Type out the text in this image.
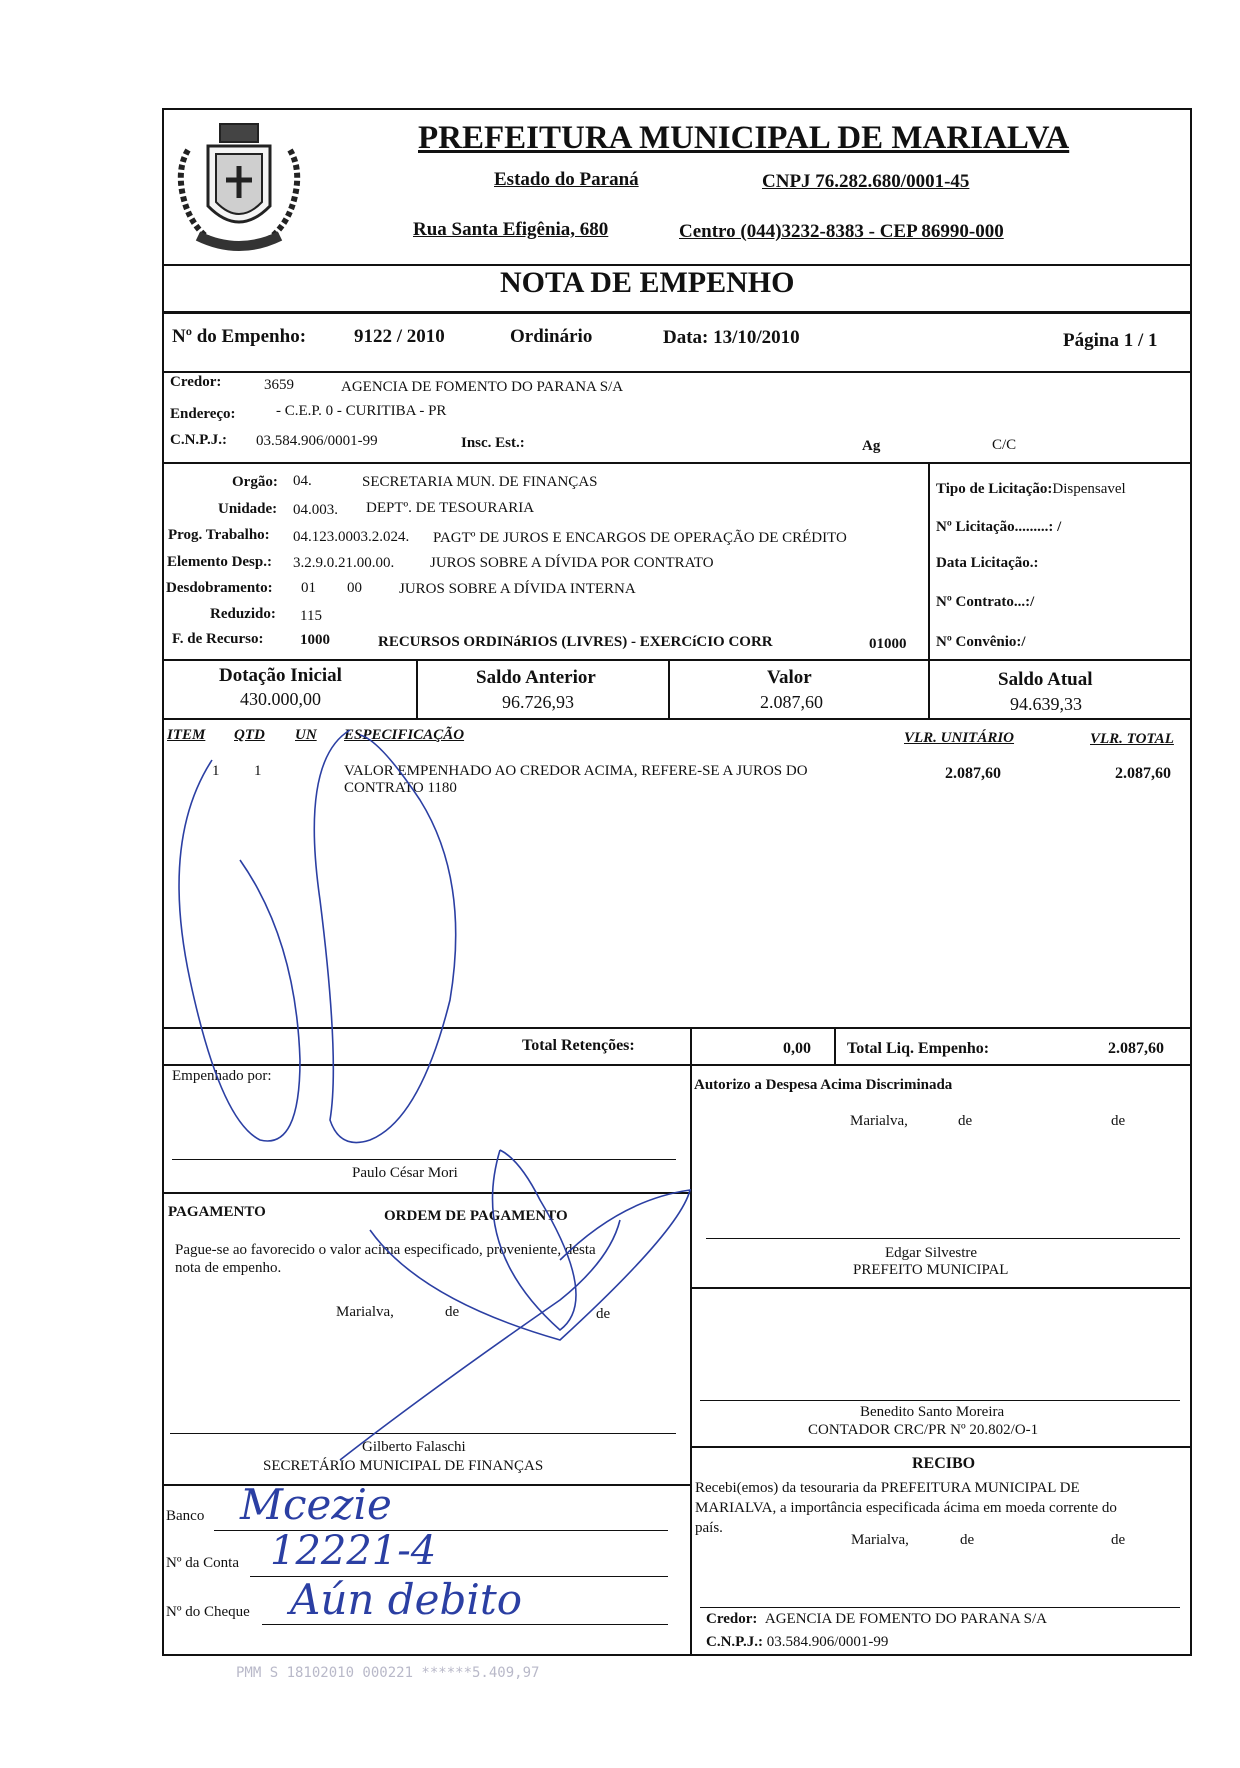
PREFEITURA MUNICIPAL DE MARIALVA
Estado do Paraná	CNPJ 76.282.680/0001-45
Rua Santa Efigênia, 680	Centro (044)3232-8383 - CEP 86990-000
NOTA DE EMPENHO
Nº do Empenho:	9122 / 2010	Ordinário	Data: 13/10/2010	Página 1 / 1
Credor:	3659	AGENCIA DE FOMENTO DO PARANA S/A
Endereço:	- C.E.P. 0 - CURITIBA - PR
C.N.P.J.: 03.584.906/0001-99	Insc. Est.:	Ag	C/C
Orgão: 04.	SECRETARIA MUN. DE FINANÇAS
Unidade: 04.003. DEPTº. DE TESOURARIA
Prog. Trabalho: 04.123.0003.2.024. PAGTº DE JUROS E ENCARGOS DE OPERAÇÃO DE CRÉDITO
Elemento Desp.: 3.2.9.0.21.00.00. JUROS SOBRE A DÍVIDA POR CONTRATO
Desdobramento: 01 00 JUROS SOBRE A DÍVIDA INTERNA
Reduzido: 115
F. de Recurso: 1000	RECURSOS ORDINáRIOS (LIVRES) - EXERCíCIO CORR	01000
Tipo de Licitação:Dispensavel
Nº Licitação.........: /
Data Licitação.:
Nº Contrato...:/
Nº Convênio:/
Dotação Inicial
430.000,00
Saldo Anterior
96.726,93
Valor
2.087,60
Saldo Atual
94.639,33
ITEM QTD UN ESPECIFICAÇÃO	VLR. UNITÁRIO	VLR. TOTAL
1 1	VALOR EMPENHADO AO CREDOR ACIMA, REFERE-SE A JUROS DO
CONTRATO 1180
2.087,60	2.087,60
Total Retenções:	0,00 Total Liq. Empenho:	2.087,60
Empenhado por:
Paulo César Mori
Autorizo a Despesa Acima Discriminada
Marialva,	de	de
Edgar Silvestre
PREFEITO MUNICIPAL
PAGAMENTO	ORDEM DE PAGAMENTO
Pague-se ao favorecido o valor acima especificado, proveniente, desta
nota de empenho.
Marialva,	de	de
Gilberto Falaschi
SECRETÁRIO MUNICIPAL DE FINANÇAS
Benedito Santo Moreira
CONTADOR CRC/PR Nº 20.802/O-1
Banco Mcezie
Nº da Conta 12221-4
Nº do Cheque Aún debito
RECIBO
Recebi(emos) da tesouraria da PREFEITURA MUNICIPAL DE
MARIALVA, a importância especificada ácima em moeda corrente do
país.
Marialva,	de	de
Credor: AGENCIA DE FOMENTO DO PARANA S/A
C.N.P.J.: 03.584.906/0001-99
PMM S 18102010 000221 ******5.409,97
